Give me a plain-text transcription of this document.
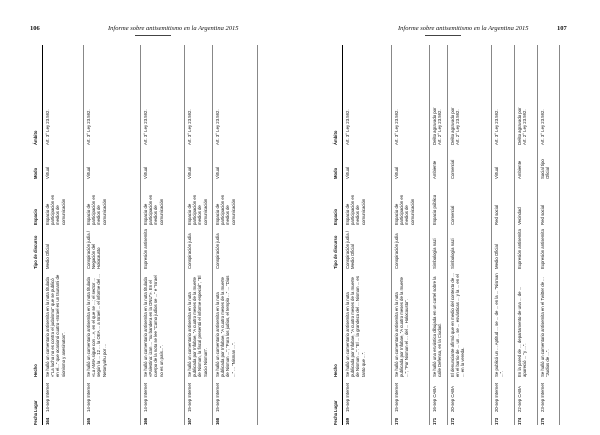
106	Informe sobre antisemitismo en la Argentina 2015
Fecha
Lugar
Hecho
Tipo de discurso
Espacio
Modo
Ámbito
164
14-sep Internet
Se halló un comentario antisemita en la nota titulada «"La lucha no es contra el judaísmo" que se publicó en el..." que ocasionó cuatro «Israel es un tsunami de sionismo y asesinatos".
Medio Oficial
Espacio de participación en medios de comunicación
Virtual
Art. 3° Ley 23.592.
165
14-sep Internet
Se halló un comentario antisemita en la nota titulada «La AMIA sigue con ...», en el que se ...; el sector ... según la ... 12 ... la OEA ... a Israel ... el informe del ... Netanyahu por ...
Conspiración judía / Negación del Holocausto
Espacio de participación en medios de comunicación
Virtual
Art. 3° Ley 23.592.
166
14-sep Internet
Se halló un comentario antisemita en la nota titulada «Palestina: izan ... "su bandera en la ONU"». En el cuerpo de la nota se lee "Como judíos se ..." e "Israel no es un país...".
Expresión antisemita
Espacio de participación en medios de comunicación
Virtual
Art. 3° Ley 23.592.
167
15-sep Internet
Se halló un comentario antisemita en la nota publicada por Infobae, "A cuatro meses de la muerte de Nisman, la fiscal presentó el informe especial", "El Socio Nisman".
Conspiración judía
Espacio de participación en medios de comunicación
Virtual
Art. 3° Ley 23.592.
168
15-sep Internet
Se halló un comentario antisemita en la nota publicada por Infobae, "A cuatro meses de la muerte de Nisman ..."; "Para los judíos, el templo ..." ... "Dios ..." ... "Nisman ...".
Conspiración judía
Espacio de participación en medios de comunicación
Virtual
Art. 3° Ley 23.592.
Informe sobre antisemitismo en la Argentina 2015	107
Fecha
Lugar
Hecho
Tipo de discurso
Espacio
Modo
Ámbito
169
15-sep Internet
Se halló un comentario antisemita en la nota publicada por Infobae, "A cuatro meses de la muerte de Nisman ...": "El ... la grandeza del ... Nisman ... es tanto que ...".
Conspiración judía / Medio Oficial
Espacio de participación en medios de comunicación
Virtual
Art. 3° Ley 23.592.
170
15-sep Internet
Se halló un comentario antisemita en la nota publicada por Infobae, "A cuatro meses de la muerte ..."; "Por Nisman el ... del ... Holocausto".
Conspiración judía
Espacio de participación en medios de comunicación
Virtual
Art. 3° Ley 23.592.
171
16-sep CABA
Se halló una esvástica dibujada en un cartel sobre la calle Defensa, en la Ciudad.
Simbología nazi
Espacio público
Ambiente
Delito agravado por Art. 2° Ley 23.592.
172
20-sep CABA
El denunciante afirmó que en medio del contexto de ... en el barrio de ... un ... se ... esvásticas ... y la ... en el ... en la vereda.
Simbología nazi
Comercial
Comercial
Delito agravado por Art. 2° Ley 23.592.
173
20-sep Internet
Se publicó un ... Aptitud ... se ... de ... en la ... "Nisman ...".
Medio Oficial
Red social
Virtual
Art. 3° Ley 23.592.
174
22-sep CABA
En la pared de ... departamento de una ... de ... apareció ... "y ...".
Expresión antisemita
Vecindad
Ambiente
Delito agravado por Art. 2° Ley 23.592.
175
23-sep Internet
Se halló un comentario antisemita en el Twitter de ... "Judíos de ...".
Expresión antisemita
Red social
Social tipo Oficial
Art. 3° Ley 23.592.
